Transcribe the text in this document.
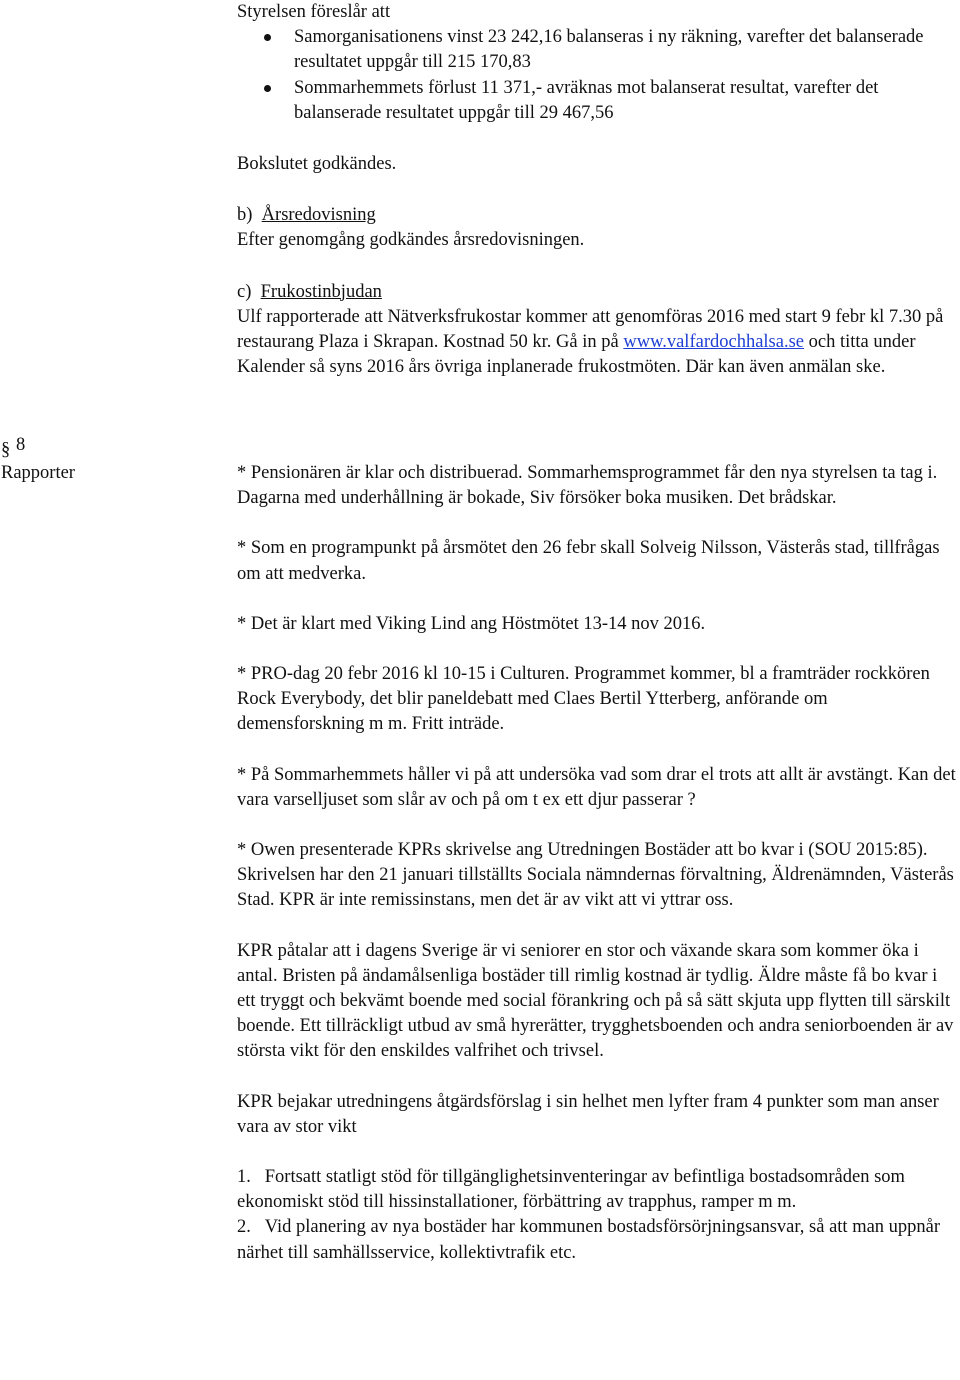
Styrelsen föreslår att

Samorganisationens vinst 23 242,16 balanseras i ny räkning, varefter det balanserade resultatet uppgår till 215 170,83
Sommarhemmets förlust 11 371,- avräknas mot balanserat resultat, varefter det balanserade resultatet uppgår till 29 467,56

Bokslutet godkändes.

b) Årsredovisning

Efter genomgång godkändes årsredovisningen.

c) Frukostinbjudan

Ulf rapporterade att Nätverksfrukostar kommer att genomföras 2016 med start 9 febr kl 7.30 på restaurang Plaza i Skrapan. Kostnad 50 kr. Gå in på www.valfardochhalsa.se och titta under Kalender så syns 2016 års övriga inplanerade frukostmöten. Där kan även anmälan ske.

§ 8
Rapporter	* Pensionären är klar och distribuerad. Sommarhemsprogrammet får den nya styrelsen ta tag i. Dagarna med underhållning är bokade, Siv försöker boka musiken. Det brådskar.

* Som en programpunkt på årsmötet den 26 febr skall Solveig Nilsson, Västerås stad, tillfrågas om att medverka.

* Det är klart med Viking Lind ang Höstmötet 13-14 nov 2016.

* PRO-dag 20 febr 2016 kl 10-15 i Culturen. Programmet kommer, bl a framträder rockkören Rock Everybody, det blir paneldebatt med Claes Bertil Ytterberg, anförande om demensforskning m m. Fritt inträde.

* På Sommarhemmets håller vi på att undersöka vad som drar el trots att allt är avstängt. Kan det vara varselljuset som slår av och på om t ex ett djur passerar ?

* Owen presenterade KPRs skrivelse ang Utredningen Bostäder att bo kvar i (SOU 2015:85). Skrivelsen har den 21 januari tillställts Sociala nämndernas förvaltning, Äldrenämnden, Västerås Stad. KPR är inte remissinstans, men det är av vikt att vi yttrar oss.

KPR påtalar att i dagens Sverige är vi seniorer en stor och växande skara som kommer öka i antal. Bristen på ändamålsenliga bostäder till rimlig kostnad är tydlig. Äldre måste få bo kvar i ett tryggt och bekvämt boende med social förankring och på så sätt skjuta upp flytten till särskilt boende. Ett tillräckligt utbud av små hyrerätter, trygghetsboenden och andra seniorboenden är av största vikt för den enskildes valfrihet och trivsel.

KPR bejakar utredningens åtgärdsförslag i sin helhet men lyfter fram 4 punkter som man anser vara av stor vikt

1. Fortsatt statligt stöd för tillgänglighetsinventeringar av befintliga bostadsområden som ekonomiskt stöd till hissinstallationer, förbättring av trapphus, ramper m m.

2. Vid planering av nya bostäder har kommunen bostadsförsörjningsansvar, så att man uppnår närhet till samhällsservice, kollektivtrafik etc.
